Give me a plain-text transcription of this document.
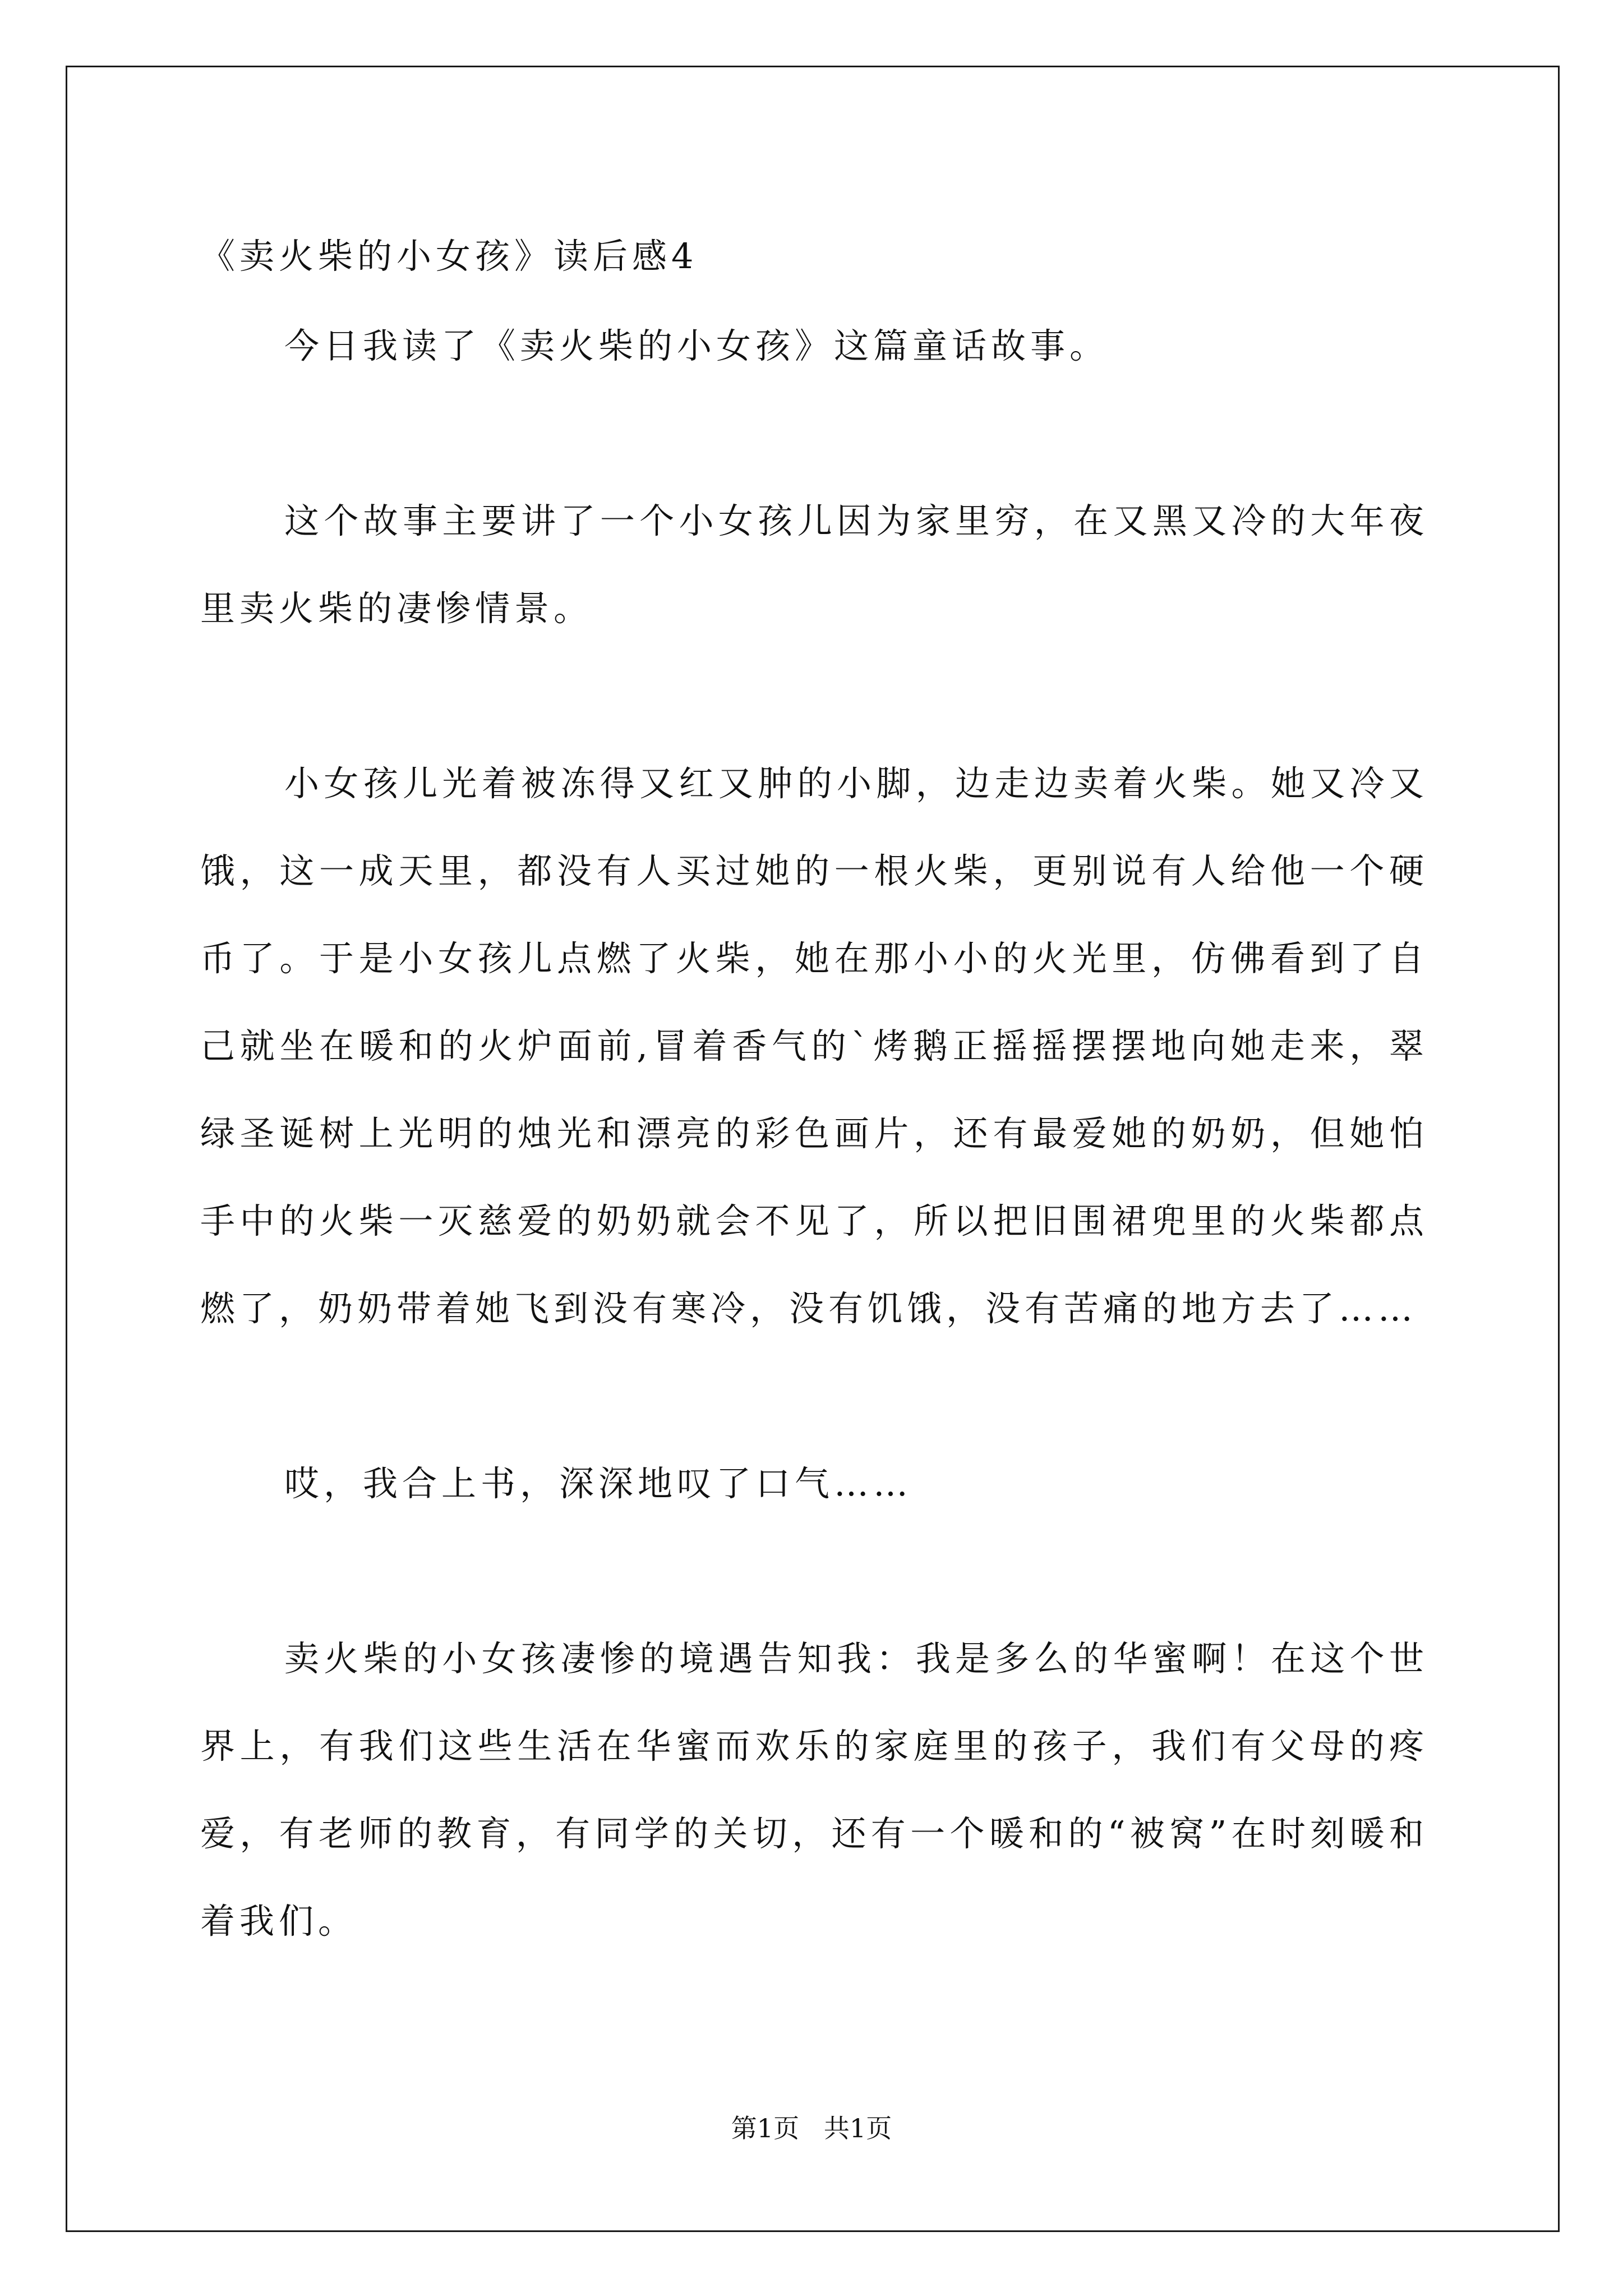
《卖火柴的小女孩》读后感4

今日我读了《卖火柴的小女孩》这篇童话故事。

这个故事主要讲了一个小女孩儿因为家里穷，在又黑又冷的大年夜里卖火柴的凄惨情景。

小女孩儿光着被冻得又红又肿的小脚，边走边卖着火柴。她又冷又饿，这一成天里，都没有人买过她的一根火柴，更别说有人给他一个硬币了。于是小女孩儿点燃了火柴，她在那小小的火光里，仿佛看到了自己就坐在暖和的火炉面前,冒着香气的`烤鹅正摇摇摆摆地向她走来，翠绿圣诞树上光明的烛光和漂亮的彩色画片，还有最爱她的奶奶，但她怕手中的火柴一灭慈爱的奶奶就会不见了，所以把旧围裙兜里的火柴都点燃了，奶奶带着她飞到没有寒冷，没有饥饿，没有苦痛的地方去了……

哎，我合上书，深深地叹了口气……

卖火柴的小女孩凄惨的境遇告知我：我是多么的华蜜啊！在这个世界上，有我们这些生活在华蜜而欢乐的家庭里的孩子，我们有父母的疼爱，有老师的教育，有同学的关切，还有一个暖和的“被窝”在时刻暖和着我们。

第1页   共1页
